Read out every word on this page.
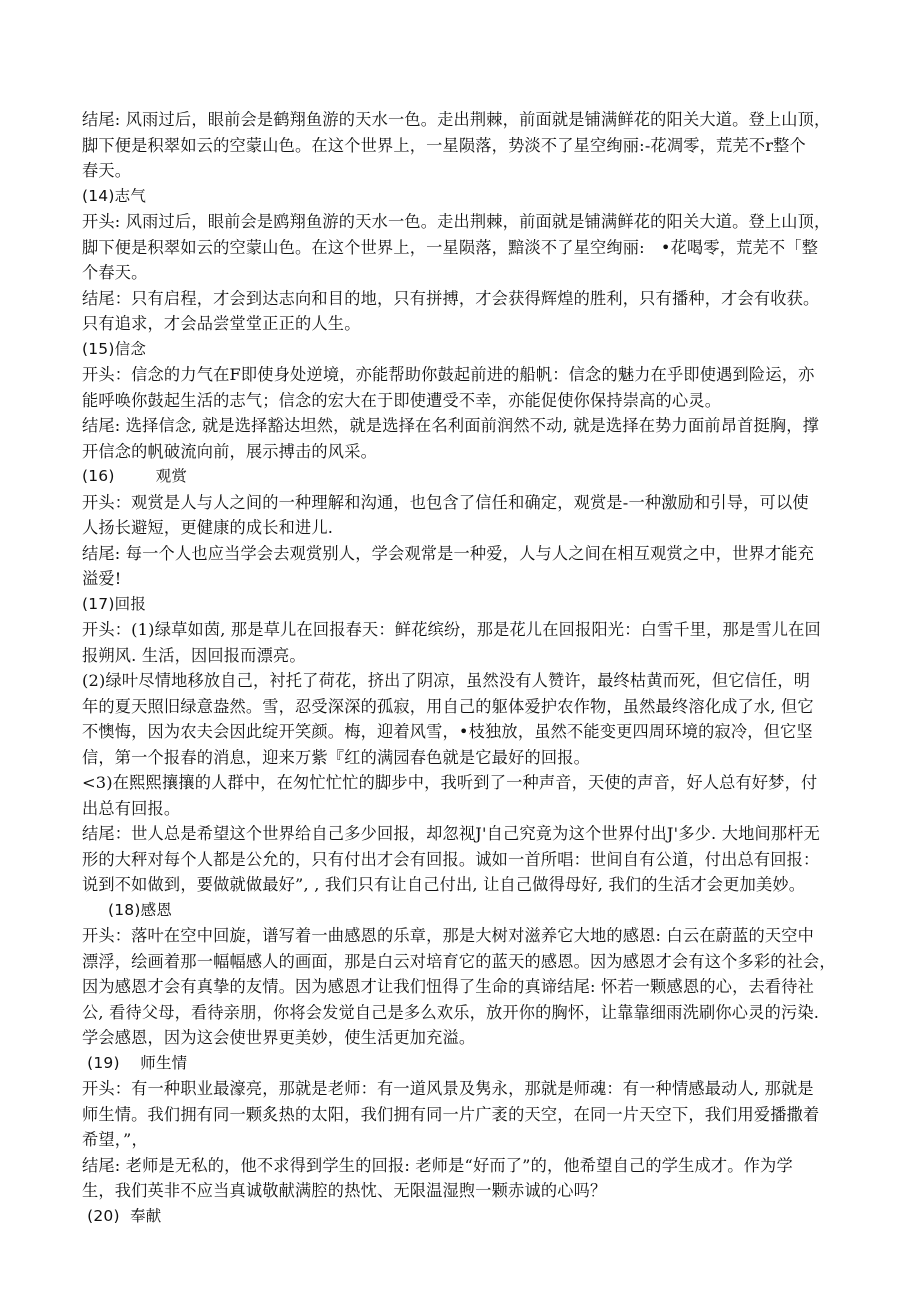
结尾: 风雨过后，眼前会是鹤翔鱼游的天水一色。走出荆棘，前面就是铺满鲜花的阳关大道。登上山顶，
脚下便是积翠如云的空蒙山色。在这个世界上，一星陨落，势淡不了星空绚丽:-花凋零，荒芜不r整个
春天。
(14)志气
开头: 风雨过后，眼前会是鸥翔鱼游的天水一色。走出荆棘，前面就是铺满鲜花的阳关大道。登上山顶，
脚下便是积翠如云的空蒙山色。在这个世界上，一星陨落，黯淡不了星空绚丽:   •花喝零，荒芜不「整
个春天。
结尾：只有启程，才会到达志向和目的地，只有拼搏，才会获得辉煌的胜利，只有播种，才会有收获。
只有追求，才会品尝堂堂正正的人生。
(15)信念
开头：信念的力气在F即使身处逆境，亦能帮助你鼓起前进的船帆：信念的魅力在乎即使遇到险运，亦
能呼唤你鼓起生活的志气；信念的宏大在于即使遭受不幸，亦能促使你保持崇高的心灵。
结尾: 选择信念, 就是选择豁达坦然，就是选择在名利面前润然不动, 就是选择在势力面前昂首挺胸，撑
开信念的帆破流向前，展示搏击的风采。
(16)        观赏
开头：观赏是人与人之间的一种理解和沟通，也包含了信任和确定，观赏是-一种激励和引导，可以使
人扬长避短，更健康的成长和进儿.
结尾: 每一个人也应当学会去观赏别人，学会观常是一种爱，人与人之间在相互观赏之中，世界才能充
溢爱!
(17)回报
开头：(1)绿草如茵, 那是草儿在回报春天：鲜花缤纷，那是花儿在回报阳光：白雪千里，那是雪儿在回
报朔风. 生活，因回报而漂亮。
(2)绿叶尽情地移放自己，衬托了荷花，挤出了阴凉，虽然没有人赞许，最终枯黄而死，但它信任，明
年的夏天照旧绿意盎然。雪，忍受深深的孤寂，用自己的躯体爱护农作物，虽然最终溶化成了水, 但它
不懊悔，因为农夫会因此绽开笑颜。梅，迎着风雪，•枝独放，虽然不能变更四周环境的寂冷，但它坚
信，第一个报春的消息，迎来万紫『红的满园春色就是它最好的回报。
<3)在熙熙攘攘的人群中，在匆忙忙忙的脚步中，我听到了一种声音，天使的声音，好人总有好梦，付
出总有回报。
结尾：世人总是希望这个世界给自己多少回报，却忽视J'自己究竟为这个世界付出J'多少. 大地间那杆无
形的大秤对每个人都是公允的，只有付出才会有回报。诚如一首所唱：世间自有公道，付出总有回报：
说到不如做到，要做就做最好”, , 我们只有让自己付出, 让自己做得母好, 我们的生活才会更加美妙。
(18)感恩
开头：落叶在空中回旋，谱写着一曲感恩的乐章，那是大树对滋养它大地的感恩: 白云在蔚蓝的天空中
漂浮，绘画着那一幅幅感人的画面，那是白云对培育它的蓝天的感恩。因为感恩才会有这个多彩的社会，
因为感恩才会有真挚的友情。因为感恩才让我们忸得了生命的真谛结尾: 怀若一颗感恩的心，去看待社
公, 看待父母，看待亲朋，你将会发觉自己是多么欢乐，放开你的胸怀，让靠靠细雨洗刷你心灵的污染.
学会感恩，因为这会使世界更美妙，使生活更加充溢。
(19)    师生情
开头：有一种职业最濠亮，那就是老师：有一道风景及隽永，那就是师魂：有一种情感最动人, 那就是
师生情。我们拥有同一颗炙热的太阳，我们拥有同一片广袤的天空，在同一片天空下，我们用爱播撒着
希望，”，
结尾: 老师是无私的，他不求得到学生的回报: 老师是“好而了”的，他希望自己的学生成才。作为学
生，我们英非不应当真诚敬献满腔的热忱、无限温湿煦一颗赤诚的心吗？
(20)  奉献
